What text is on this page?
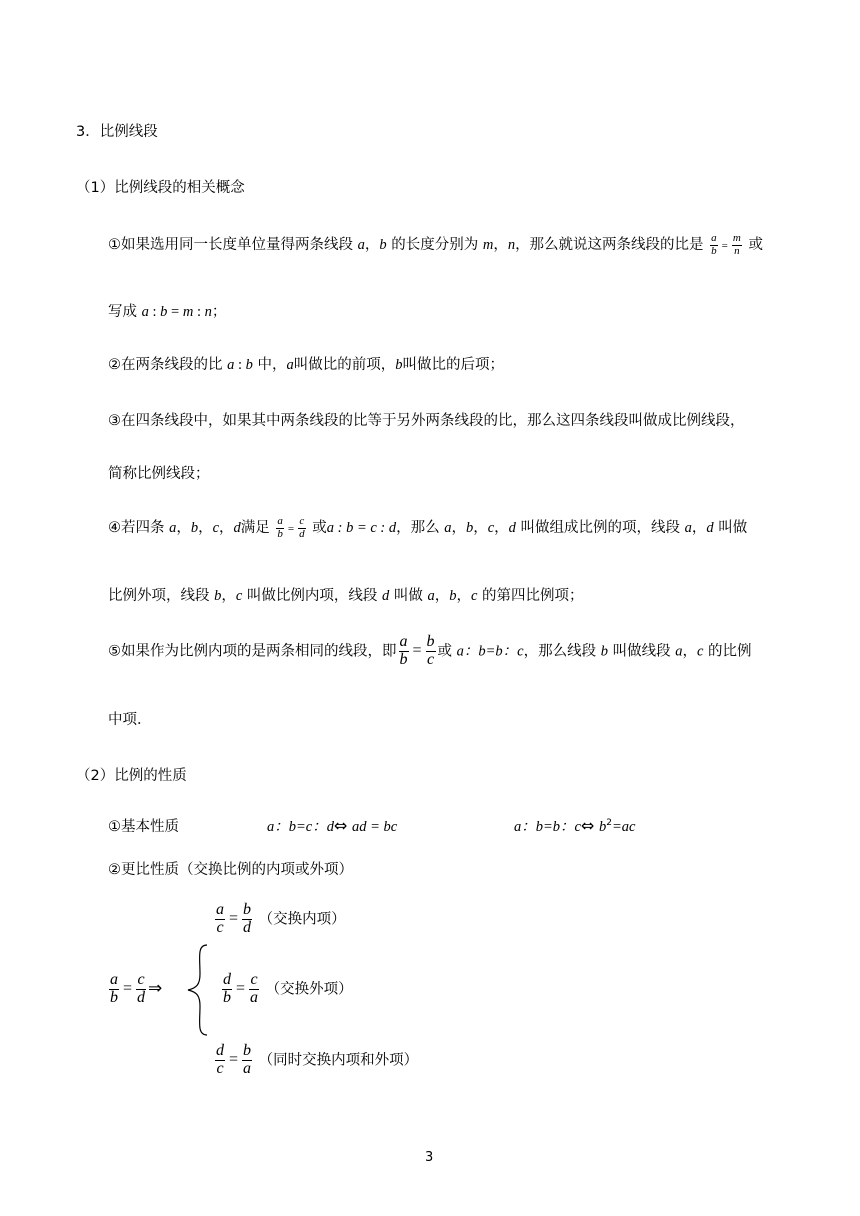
3．比例线段
（1）比例线段的相关概念
①如果选用同一长度单位量得两条线段 a，b 的长度分别为 m，n，那么就说这两条线段的比是 $\frac{a}{b} = \frac{m}{n}$ 或
写成 a : b = m : n；
②在两条线段的比 a : b 中，a叫做比的前项，b叫做比的后项；
③在四条线段中，如果其中两条线段的比等于另外两条线段的比，那么这四条线段叫做成比例线段，
简称比例线段；
④若四条 a，b，c，d满足 $\frac{a}{b} = \frac{c}{d}$ 或a : b = c : d，那么 a，b，c，d 叫做组成比例的项，线段 a，d 叫做
比例外项，线段 b，c 叫做比例内项，线段 d 叫做 a，b，c 的第四比例项；
⑤如果作为比例内项的是两条相同的线段，即 $\frac{a}{b} = \frac{b}{c}$ 或 a：b=b：c，那么线段 b 叫做线段 a，c 的比例
中项．
（2）比例的性质
①基本性质	a：b=c：d⇔ ad = bc	a：b=b：c⇔ $b^2=ac$
②更比性质（交换比例的内项或外项）
$\frac{a}{c} = \frac{b}{d}$ （交换内项）
$\frac{a}{b} = \frac{c}{d}$ ⇒	$\frac{d}{b} = \frac{c}{a}$ （交换外项）
$\frac{d}{c} = \frac{b}{a}$ （同时交换内项和外项）
3
